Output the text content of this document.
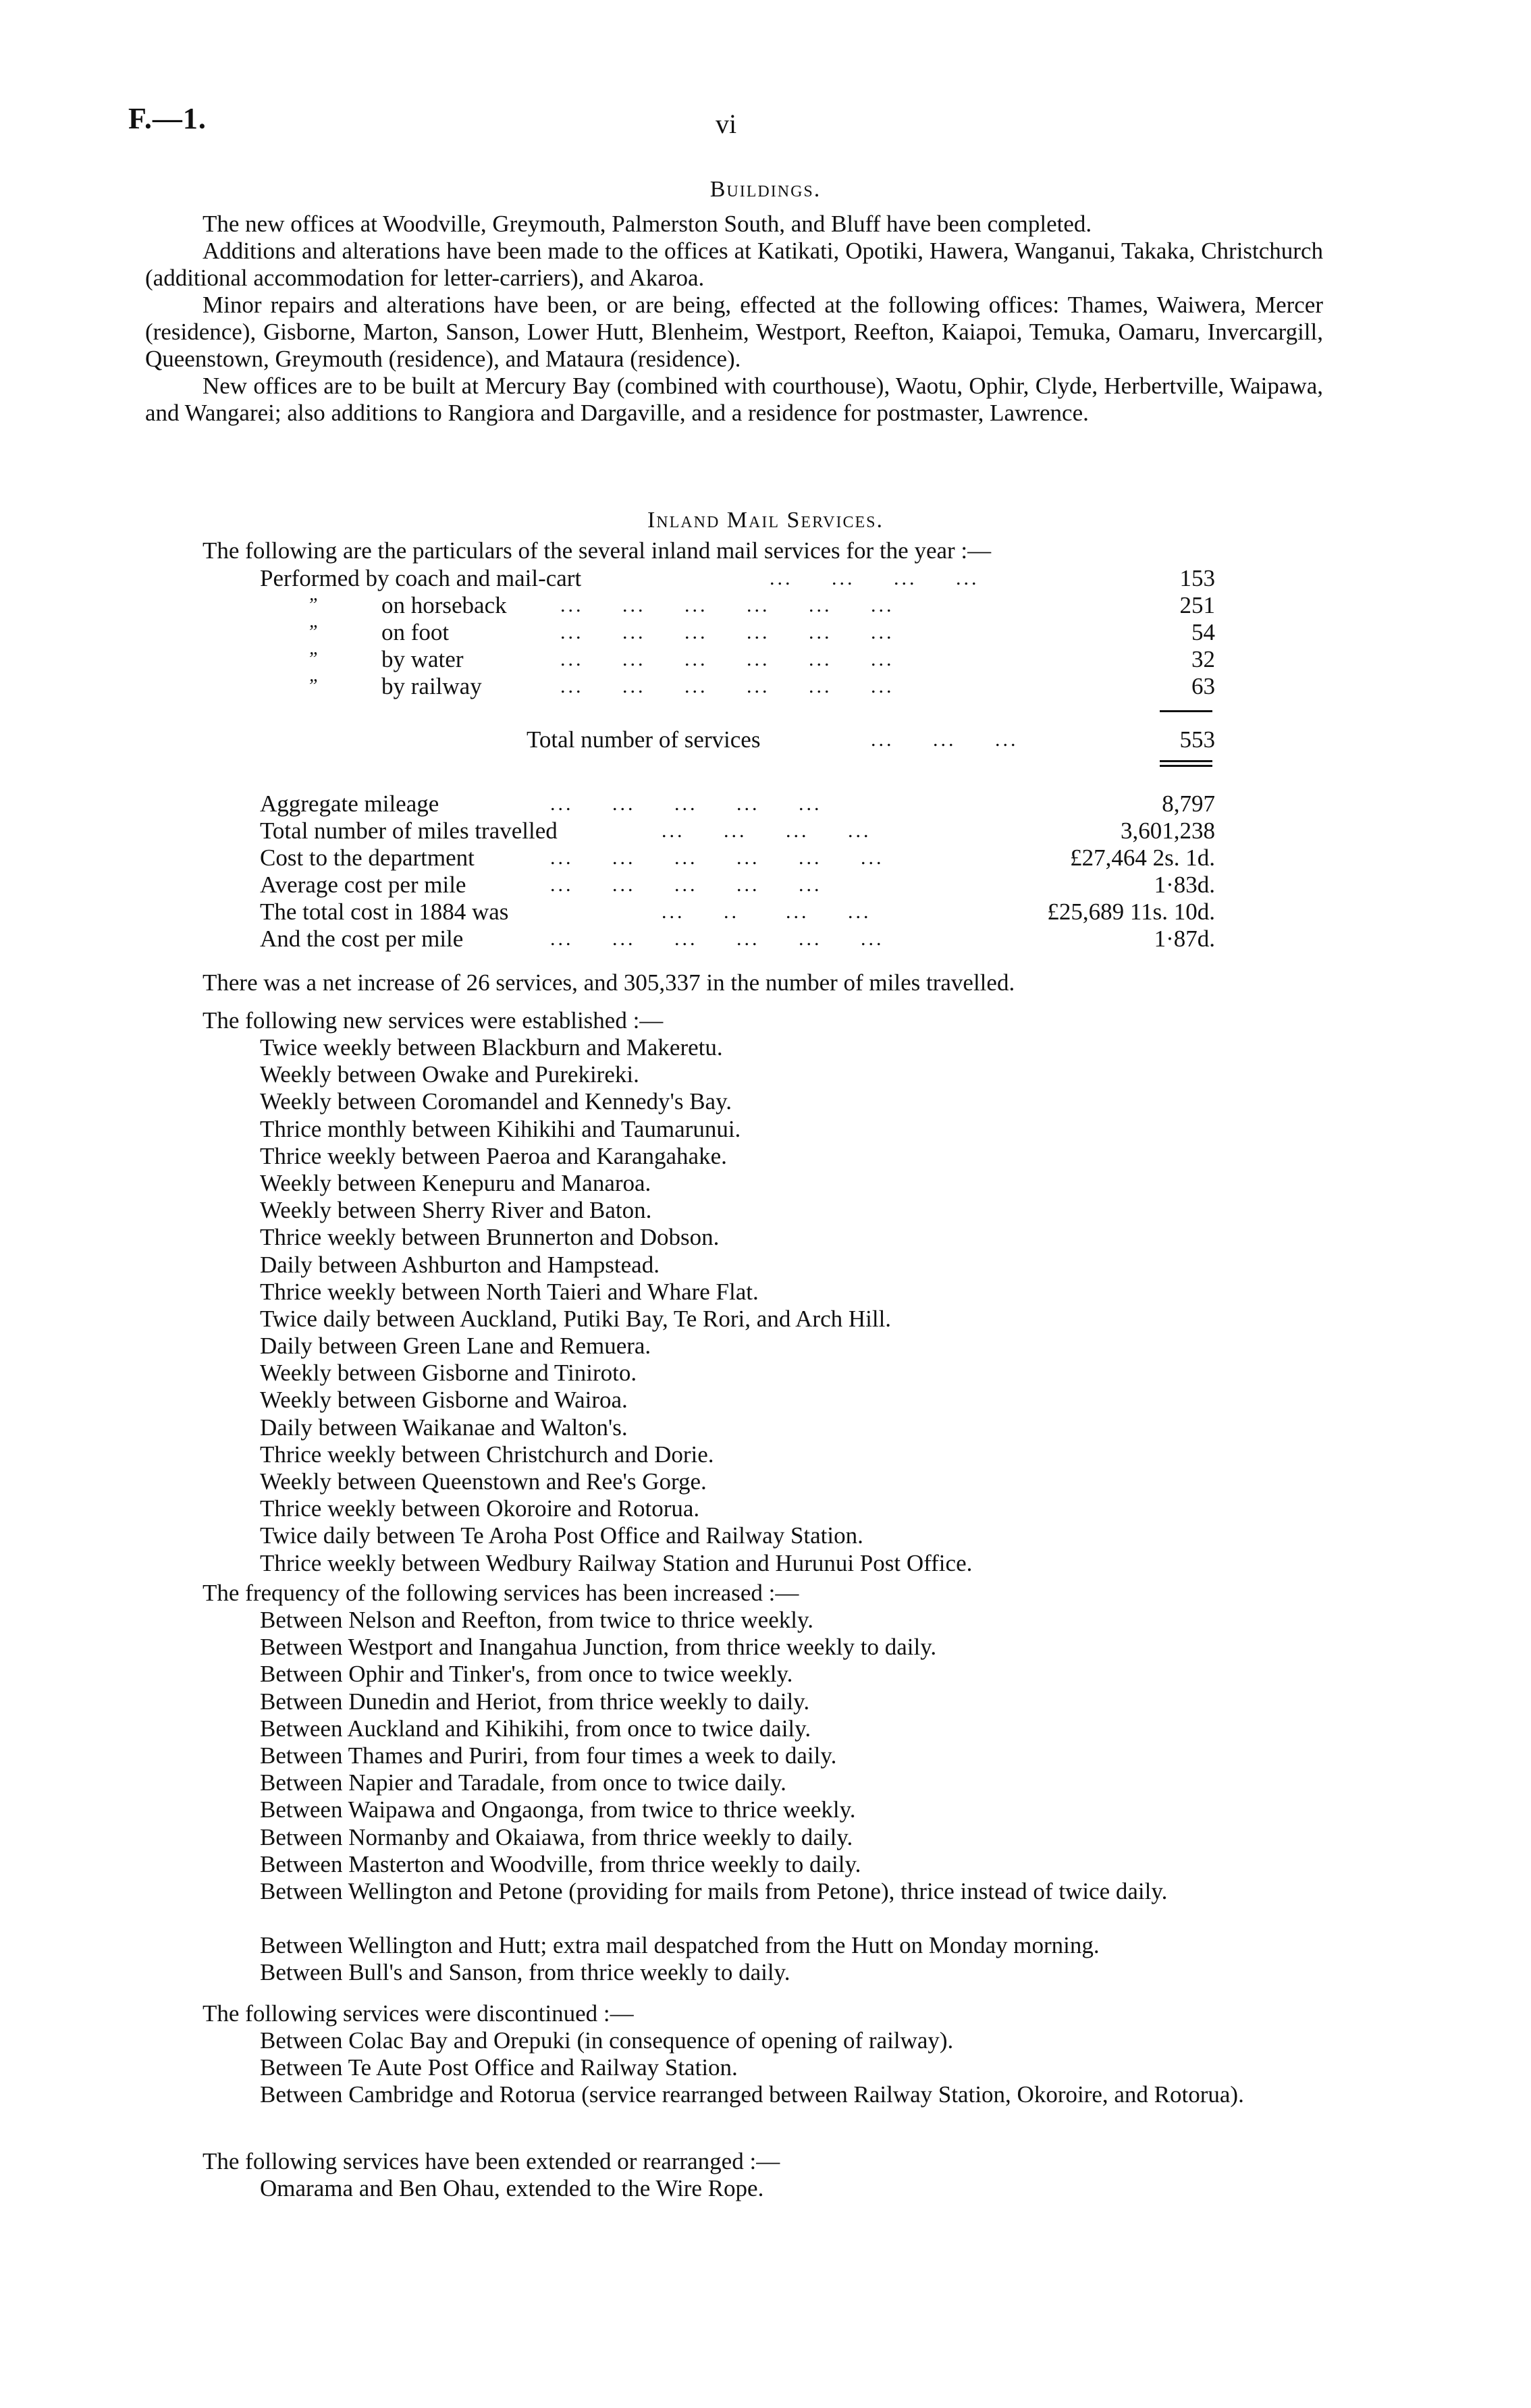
F.—1.	vi
Buildings.

The new offices at Woodville, Greymouth, Palmerston South, and Bluff have been completed.

Additions and alterations have been made to the offices at Katikati, Opotiki, Hawera, Wanganui, Takaka, Christchurch (additional accommodation for letter-carriers), and Akaroa.

Minor repairs and alterations have been, or are being, effected at the following offices: Thames, Waiwera, Mercer (residence), Gisborne, Marton, Sanson, Lower Hutt, Blenheim, Westport, Reefton, Kaiapoi, Temuka, Oamaru, Invercargill, Queenstown, Greymouth (residence), and Mataura (residence).

New offices are to be built at Mercury Bay (combined with courthouse), Waotu, Ophir, Clyde, Herbertville, Waipawa, and Wangarei; also additions to Rangiora and Dargaville, and a residence for postmaster, Lawrence.

Inland Mail Services.
The following are the particulars of the several inland mail services for the year :—
Performed by coach and mail-cart	...     ...     ...     ...	153
”	on horseback	...     ...     ...     ...     ...     ...	251
”	on foot	...     ...     ...     ...     ...     ...	54
”	by water	...     ...     ...     ...     ...     ...	32
”	by railway	...     ...     ...     ...     ...     ...	63
Total number of services	...     ...     ...	553
Aggregate mileage	...     ...     ...     ...     ...	8,797
Total number of miles travelled	...     ...     ...     ...	3,601,238
Cost to the department	...     ...     ...     ...     ...     ...	£27,464 2s. 1d.
Average cost per mile	...     ...     ...     ...     ...	1·83d.
The total cost in 1884 was	...     ..      ...     ...	£25,689 11s. 10d.
And the cost per mile	...     ...     ...     ...     ...     ...	1·87d.
There was a net increase of 26 services, and 305,337 in the number of miles travelled.
The following new services were established :—
Twice weekly between Blackburn and Makeretu.
Weekly between Owake and Purekireki.
Weekly between Coromandel and Kennedy's Bay.
Thrice monthly between Kihikihi and Taumarunui.
Thrice weekly between Paeroa and Karangahake.
Weekly between Kenepuru and Manaroa.
Weekly between Sherry River and Baton.
Thrice weekly between Brunnerton and Dobson.
Daily between Ashburton and Hampstead.
Thrice weekly between North Taieri and Whare Flat.
Twice daily between Auckland, Putiki Bay, Te Rori, and Arch Hill.
Daily between Green Lane and Remuera.
Weekly between Gisborne and Tiniroto.
Weekly between Gisborne and Wairoa.
Daily between Waikanae and Walton's.
Thrice weekly between Christchurch and Dorie.
Weekly between Queenstown and Ree's Gorge.
Thrice weekly between Okoroire and Rotorua.
Twice daily between Te Aroha Post Office and Railway Station.
Thrice weekly between Wedbury Railway Station and Hurunui Post Office.
The frequency of the following services has been increased :—
Between Nelson and Reefton, from twice to thrice weekly.
Between Westport and Inangahua Junction, from thrice weekly to daily.
Between Ophir and Tinker's, from once to twice weekly.
Between Dunedin and Heriot, from thrice weekly to daily.
Between Auckland and Kihikihi, from once to twice daily.
Between Thames and Puriri, from four times a week to daily.
Between Napier and Taradale, from once to twice daily.
Between Waipawa and Ongaonga, from twice to thrice weekly.
Between Normanby and Okaiawa, from thrice weekly to daily.
Between Masterton and Woodville, from thrice weekly to daily.
Between Wellington and Petone (providing for mails from Petone), thrice instead of twice daily.
Between Wellington and Hutt; extra mail despatched from the Hutt on Monday morning.
Between Bull's and Sanson, from thrice weekly to daily.
The following services were discontinued :—
Between Colac Bay and Orepuki (in consequence of opening of railway).
Between Te Aute Post Office and Railway Station.
Between Cambridge and Rotorua (service rearranged between Railway Station, Okoroire, and Rotorua).
The following services have been extended or rearranged :—
Omarama and Ben Ohau, extended to the Wire Rope.
